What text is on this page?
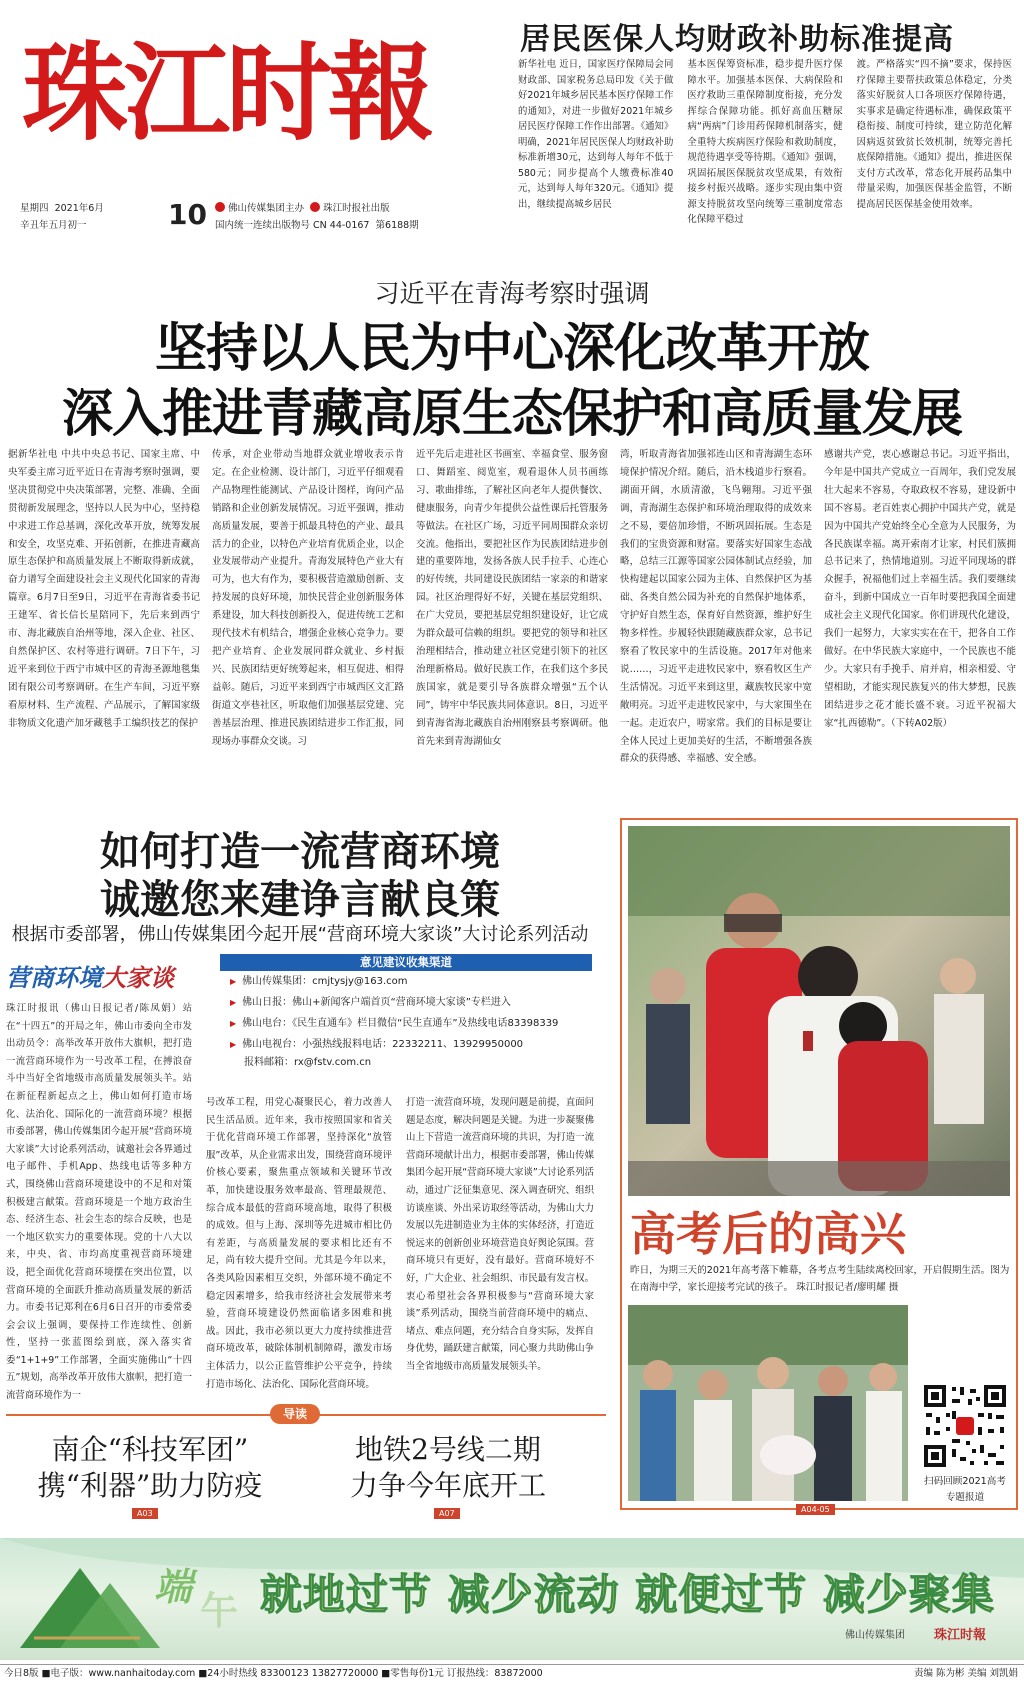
珠江时報
星期四 2021年6月
辛丑年五月初一	10	佛山传媒集团主办 珠江时报社出版
国内统一连续出版物号 CN 44-0167 第6188期
居民医保人均财政补助标准提高
新华社电 近日，国家医疗保障局会同财政部、国家税务总局印发《关于做好2021年城乡居民基本医疗保障工作的通知》，对进一步做好2021年城乡居民医疗保障工作作出部署。《通知》明确，2021年居民医保人均财政补助标准新增30元，达到每人每年不低于580元；同步提高个人缴费标准40元，达到每人每年320元。《通知》提出，继续提高城乡居民
基本医保筹资标准，稳步提升医疗保障水平。加强基本医保、大病保险和医疗救助三重保障制度衔接，充分发挥综合保障功能。抓好高血压糖尿病“两病”门诊用药保障机制落实，健全重特大疾病医疗保险和救助制度，规范待遇享受等待期。《通知》强调，巩固拓展医保脱贫攻坚成果，有效衔接乡村振兴战略。逐步实现由集中资源支持脱贫攻坚向统筹三重制度常态化保障平稳过
渡。严格落实“四不摘”要求，保持医疗保障主要帮扶政策总体稳定，分类落实好脱贫人口各项医疗保障待遇，实事求是确定待遇标准，确保政策平稳衔接、制度可持续，建立防范化解因病返贫致贫长效机制，统筹完善托底保障措施。《通知》提出，推进医保支付方式改革，常态化开展药品集中带量采购，加强医保基金监管，不断提高居民医保基金使用效率。
习近平在青海考察时强调
坚持以人民为中心深化改革开放
深入推进青藏高原生态保护和高质量发展
据新华社电 中共中央总书记、国家主席、中央军委主席习近平近日在青海考察时强调，要坚决贯彻党中央决策部署，完整、准确、全面贯彻新发展理念，坚持以人民为中心，坚持稳中求进工作总基调，深化改革开放，统筹发展和安全，攻坚克难、开拓创新，在推进青藏高原生态保护和高质量发展上不断取得新成就，奋力谱写全面建设社会主义现代化国家的青海篇章。6月7日至9日，习近平在青海省委书记王建军、省长信长星陪同下，先后来到西宁市、海北藏族自治州等地，深入企业、社区、自然保护区、农村等进行调研。7日下午，习近平来到位于西宁市城中区的青海圣源地毯集团有限公司考察调研。在生产车间，习近平察看原材料、生产流程、产品展示，了解国家级非物质文化遗产加牙藏毯手工编织技艺的保护
传承，对企业带动当地群众就业增收表示肯定。在企业检测、设计部门，习近平仔细观看产品物理性能测试、产品设计图样，询问产品销路和企业创新发展情况。习近平强调，推动高质量发展，要善于抓最具特色的产业、最具活力的企业，以特色产业培育优质企业，以企业发展带动产业提升。青海发展特色产业大有可为，也大有作为，要积极营造激励创新、支持发展的良好环境，加快民营企业创新服务体系建设，加大科技创新投入，促进传统工艺和现代技术有机结合，增强企业核心竞争力。要把产业培育、企业发展同群众就业、乡村振兴、民族团结更好统筹起来，相互促进、相得益彰。随后，习近平来到西宁市城西区文汇路街道文亭巷社区，听取他们加强基层党建、完善基层治理、推进民族团结进步工作汇报，同现场办事群众交谈。习
近平先后走进社区书画室、幸福食堂、服务窗口、舞蹈室、阅览室，观看退休人员书画练习、歌曲排练，了解社区向老年人提供餐饮、健康服务，向青少年提供公益性课后托管服务等做法。在社区广场，习近平同周围群众亲切交流。他指出，要把社区作为民族团结进步创建的重要阵地，发扬各族人民手拉手、心连心的好传统，共同建设民族团结一家亲的和谐家园。社区治理得好不好，关键在基层党组织、在广大党员，要把基层党组织建设好，让它成为群众最可信赖的组织。要把党的领导和社区治理相结合，推动建立社区党建引领下的社区治理新格局。做好民族工作，在我们这个多民族国家，就是要引导各族群众增强“五个认同”，铸牢中华民族共同体意识。8日，习近平到青海省海北藏族自治州刚察县考察调研。他首先来到青海湖仙女
湾，听取青海省加强祁连山区和青海湖生态环境保护情况介绍。随后，沿木栈道步行察看。湖面开阔，水质清澈，飞鸟翱翔。习近平强调，青海湖生态保护和环境治理取得的成效来之不易，要倍加珍惜，不断巩固拓展。生态是我们的宝贵资源和财富。要落实好国家生态战略，总结三江源等国家公园体制试点经验，加快构建起以国家公园为主体、自然保护区为基础、各类自然公园为补充的自然保护地体系，守护好自然生态，保育好自然资源，维护好生物多样性。步履轻快跟随藏族群众家，总书记察看了牧民家中的生活设施。2017年对他来说……，习近平走进牧民家中，察看牧区生产生活情况。习近平来到这里，藏族牧民家中宽敞明亮。习近平走进牧民家中，与大家围坐在一起。走近农户，唠家常。我们的目标是要让全体人民过上更加美好的生活，不断增强各族群众的获得感、幸福感、安全感。
感谢共产党，衷心感谢总书记。习近平指出，今年是中国共产党成立一百周年，我们党发展壮大起来不容易，夺取政权不容易，建设新中国不容易。老百姓衷心拥护中国共产党，就是因为中国共产党始终全心全意为人民服务，为各民族谋幸福。离开索南才让家，村民们簇拥总书记来了，热情地道别。习近平同现场的群众握手，祝福他们过上幸福生活。我们要继续奋斗，到新中国成立一百年时要把我国全面建成社会主义现代化国家。你们讲现代化建设，我们一起努力，大家实实在在干，把各自工作做好。在中华民族大家庭中，一个民族也不能少。大家只有手挽手、肩并肩，相亲相爱、守望相助，才能实现民族复兴的伟大梦想，民族团结进步之花才能长盛不衰。习近平祝福大家“扎西德勒”。（下转A02版）
如何打造一流营商环境
诚邀您来建诤言献良策
根据市委部署，佛山传媒集团今起开展“营商环境大家谈”大讨论系列活动
营商环境大家谈
意见建议收集渠道
▶ 佛山传媒集团：cmjtysjy@163.com
▶ 佛山日报：佛山+新闻客户端首页“营商环境大家谈”专栏进入
▶ 佛山电台：《民生直通车》栏目微信“民生直通车”及热线电话83398339
▶ 佛山电视台：小强热线报料电话：22332211、13929950000
报料邮箱：rx@fstv.com.cn
珠江时报讯（佛山日报记者/陈凤娟）站在“十四五”的开局之年，佛山市委向全市发出动员令：高举改革开放伟大旗帜，把打造一流营商环境作为一号改革工程，在搏浪奋斗中当好全省地级市高质量发展领头羊。站在新征程新起点之上，佛山如何打造市场化、法治化、国际化的一流营商环境？根据市委部署，佛山传媒集团今起开展“营商环境大家谈”大讨论系列活动，诚邀社会各界通过电子邮件、手机App、热线电话等多种方式，围绕佛山营商环境建设中的不足和对策积极建言献策。营商环境是一个地方政治生态、经济生态、社会生态的综合反映，也是一个地区软实力的重要体现。党的十八大以来，中央、省、市均高度重视营商环境建设，把全面优化营商环境摆在突出位置，以营商环境的全面跃升推动高质量发展的新活力。市委书记郑利在6月6日召开的市委常委会会议上强调，要保持工作连续性、创新性，坚持一张蓝图绘到底，深入落实省委“1+1+9”工作部署，全面实施佛山“十四五”规划，高举改革开放伟大旗帜，把打造一流营商环境作为一
号改革工程，用党心凝聚民心，着力改善人民生活品质。近年来，我市按照国家和省关于优化营商环境工作部署，坚持深化“放管服”改革，从企业需求出发，围绕营商环境评价核心要素，聚焦重点领域和关键环节改革，加快建设服务效率最高、管理最规范、综合成本最低的营商环境高地，取得了积极的成效。但与上海、深圳等先进城市相比仍有差距，与高质量发展的要求相比还有不足，尚有较大提升空间。尤其是今年以来，各类风险因素相互交织，外部环境不确定不稳定因素增多，给我市经济社会发展带来考验，营商环境建设仍然面临诸多困难和挑战。因此，我市必须以更大力度持续推进营商环境改革，破除体制机制障碍，激发市场主体活力，以公正监管维护公平竞争，持续打造市场化、法治化、国际化营商环境。
打造一流营商环境，发现问题是前提，直面问题是态度，解决问题是关键。为进一步凝聚佛山上下营造一流营商环境的共识，为打造一流营商环境献计出力，根据市委部署，佛山传媒集团今起开展“营商环境大家谈”大讨论系列活动，通过广泛征集意见、深入调查研究、组织访谈座谈、外出采访取经等活动，为佛山大力发展以先进制造业为主体的实体经济，打造近悦远来的创新创业环境营造良好舆论氛围。营商环境只有更好，没有最好。营商环境好不好，广大企业、社会组织、市民最有发言权。衷心希望社会各界积极参与“营商环境大家谈”系列活动，围绕当前营商环境中的痛点、堵点、难点问题，充分结合自身实际，发挥自身优势，踊跃建言献策，同心聚力共助佛山争当全省地级市高质量发展领头羊。
高考后的高兴
昨日，为期三天的2021年高考落下帷幕，各考点考生陆续离校回家，开启假期生活。图为在南海中学，家长迎接考完试的孩子。 珠江时报记者/廖明耀 摄
扫码回顾2021高考
专题报道
A04-05
导读
南企“科技军团”
携“利器”助力防疫
A03
地铁2号线二期
力争今年底开工
A07
端
午 就地过节 减少流动 就便过节 减少聚集
佛山传媒集团 珠江时報
今日8版 ■电子版：www.nanhaitoday.com ■24小时热线 83300123 13827720000 ■零售每份1元 订报热线：83872000	责编 陈为彬 美编 刘凯娟
